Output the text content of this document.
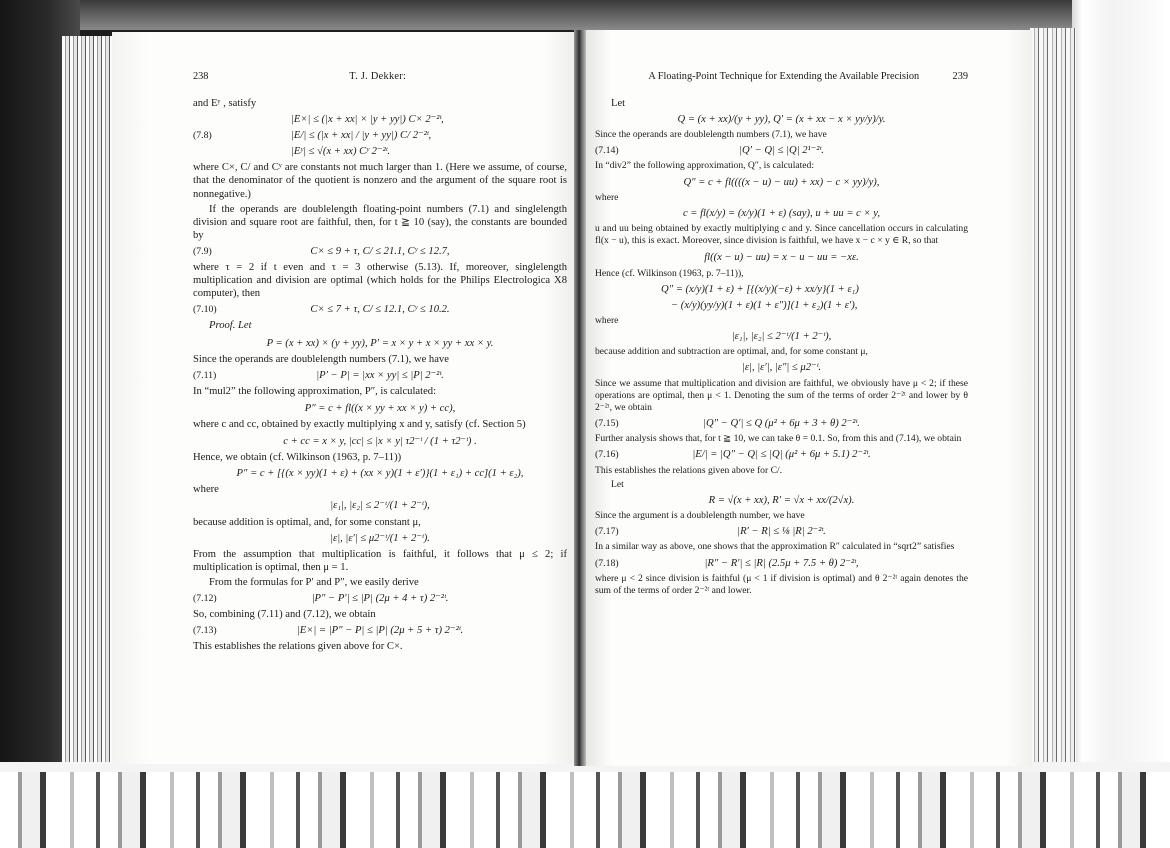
238	T. J. Dekker:
and Eʸ , satisfy
|E×| ≤ (|x + xx| × |y + yy|) C× 2⁻²ᵗ,
(7.8)	|E/| ≤ (|x + xx| / |y + yy|) C/ 2⁻²ᵗ,
|Eʸ| ≤ √(x + xx) Cʸ 2⁻²ᵗ.
where C×, C/ and Cʸ are constants not much larger than 1. (Here we assume, of course, that the denominator of the quotient is nonzero and the argument of the square root is nonnegative.)
If the operands are doublelength floating-point numbers (7.1) and singlelength division and square root are faithful, then, for t ≧ 10 (say), the constants are bounded by
(7.9)	C× ≤ 9 + τ, C/ ≤ 21.1, Cʸ ≤ 12.7,
where τ = 2 if t even and τ = 3 otherwise (5.13). If, moreover, singlelength multiplication and division are optimal (which holds for the Philips Electrologica X8 computer), then
(7.10)	C× ≤ 7 + τ, C/ ≤ 12.1, Cʸ ≤ 10.2.
Proof. Let
P = (x + xx) × (y + yy), P′ = x × y + x × yy + xx × y.
Since the operands are doublelength numbers (7.1), we have
(7.11)	|P′ − P| = |xx × yy| ≤ |P| 2⁻²ᵗ.
In “mul2” the following approximation, P″, is calculated:
P″ = c + fl((x × yy + xx × y) + cc),
where c and cc, obtained by exactly multiplying x and y, satisfy (cf. Section 5)
c + cc = x × y, |cc| ≤ |x × y| τ2⁻ᵗ / (1 + τ2⁻ᵗ) .
Hence, we obtain (cf. Wilkinson (1963, p. 7–11))
P″ = c + [{(x × yy)(1 + ε) + (xx × y)(1 + ε′)}(1 + ε₁) + cc](1 + ε₂),
where
|ε₁|, |ε₂| ≤ 2⁻ᵗ/(1 + 2⁻ᵗ),
because addition is optimal, and, for some constant μ,
|ε|, |ε′| ≤ μ2⁻ᵗ/(1 + 2⁻ᵗ).
From the assumption that multiplication is faithful, it follows that μ ≤ 2; if multiplication is optimal, then μ = 1.
From the formulas for P′ and P″, we easily derive
(7.12)	|P″ − P′| ≤ |P| (2μ + 4 + τ) 2⁻²ᵗ.
So, combining (7.11) and (7.12), we obtain
(7.13)	|E×| = |P″ − P| ≤ |P| (2μ + 5 + τ) 2⁻²ᵗ.
This establishes the relations given above for C×.
A Floating-Point Technique for Extending the Available Precision	239
Let
Q = (x + xx)/(y + yy), Q′ = (x + xx − x × yy/y)/y.
Since the operands are doublelength numbers (7.1), we have
(7.14)	|Q′ − Q| ≤ |Q| 2¹⁻²ᵗ.
In “div2” the following approximation, Q″, is calculated:
Q″ = c + fl((((x − u) − uu) + xx) − c × yy)/y),
where
c = fl(x/y) = (x/y)(1 + ε) (say), u + uu = c × y,
u and uu being obtained by exactly multiplying c and y. Since cancellation occurs in calculating fl(x − u), this is exact. Moreover, since division is faithful, we have x − c × y ∈ R, so that
fl((x − u) − uu) = x − u − uu = −xε.
Hence (cf. Wilkinson (1963, p. 7–11)),
Q″ = (x/y)(1 + ε) + [{(x/y)(−ε) + xx/y}(1 + ε₁)
− (x/y)(yy/y)(1 + ε)(1 + ε″)](1 + ε₂)(1 + ε′),
where
|ε₁|, |ε₂| ≤ 2⁻ᵗ/(1 + 2⁻ᵗ),
because addition and subtraction are optimal, and, for some constant μ,
|ε|, |ε′|, |ε″| ≤ μ2⁻ᵗ.
Since we assume that multiplication and division are faithful, we obviously have μ < 2; if these operations are optimal, then μ < 1. Denoting the sum of the terms of order 2⁻²ᵗ and lower by θ 2⁻²ᵗ, we obtain
(7.15)	|Q″ − Q′| ≤ Q (μ² + 6μ + 3 + θ) 2⁻²ᵗ.
Further analysis shows that, for t ≧ 10, we can take θ = 0.1. So, from this and (7.14), we obtain
(7.16)	|E/| = |Q″ − Q| ≤ |Q| (μ² + 6μ + 5.1) 2⁻²ᵗ.
This establishes the relations given above for C/.
Let
R = √(x + xx), R′ = √x + xx/(2√x).
Since the argument is a doublelength number, we have
(7.17)	|R′ − R| ≤ ⅛ |R| 2⁻²ᵗ.
In a similar way as above, one shows that the approximation R″ calculated in “sqrt2” satisfies
(7.18)	|R″ − R′| ≤ |R| (2.5μ + 7.5 + θ) 2⁻²ᵗ,
where μ < 2 since division is faithful (μ < 1 if division is optimal) and θ 2⁻²ᵗ again denotes the sum of the terms of order 2⁻²ᵗ and lower.
